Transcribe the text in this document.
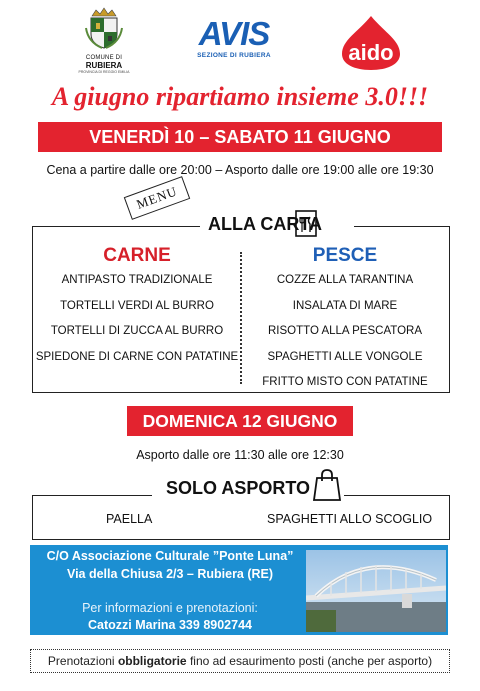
COMUNE DI
RUBIERA
PROVINCIA DI REGGIO EMILIA
AVIS
SEZIONE DI RUBIERA	aido
A giugno ripartiamo insieme 3.0!!!
VENERDÌ 10 – SABATO 11 GIUGNO
Cena a partire dalle ore 20:00 – Asporto dalle ore 19:00 alle ore 19:30
MENU
ALLA CARTA
CARNE
ANTIPASTO TRADIZIONALE
TORTELLI VERDI AL BURRO
TORTELLI DI ZUCCA AL BURRO
SPIEDONE DI CARNE CON PATATINE
PESCE
COZZE ALLA TARANTINA
INSALATA DI MARE
RISOTTO ALLA PESCATORA
SPAGHETTI ALLE VONGOLE
FRITTO MISTO CON PATATINE
DOMENICA 12 GIUGNO
Asporto dalle ore 11:30 alle ore 12:30
SOLO ASPORTO
PAELLA	SPAGHETTI ALLO SCOGLIO
C/O Associazione Culturale ”Ponte Luna”
Via della Chiusa 2/3 – Rubiera (RE)
Per informazioni e prenotazioni:
Catozzi Marina 339 8902744
Prenotazioni obbligatorie fino ad esaurimento posti (anche per asporto)
